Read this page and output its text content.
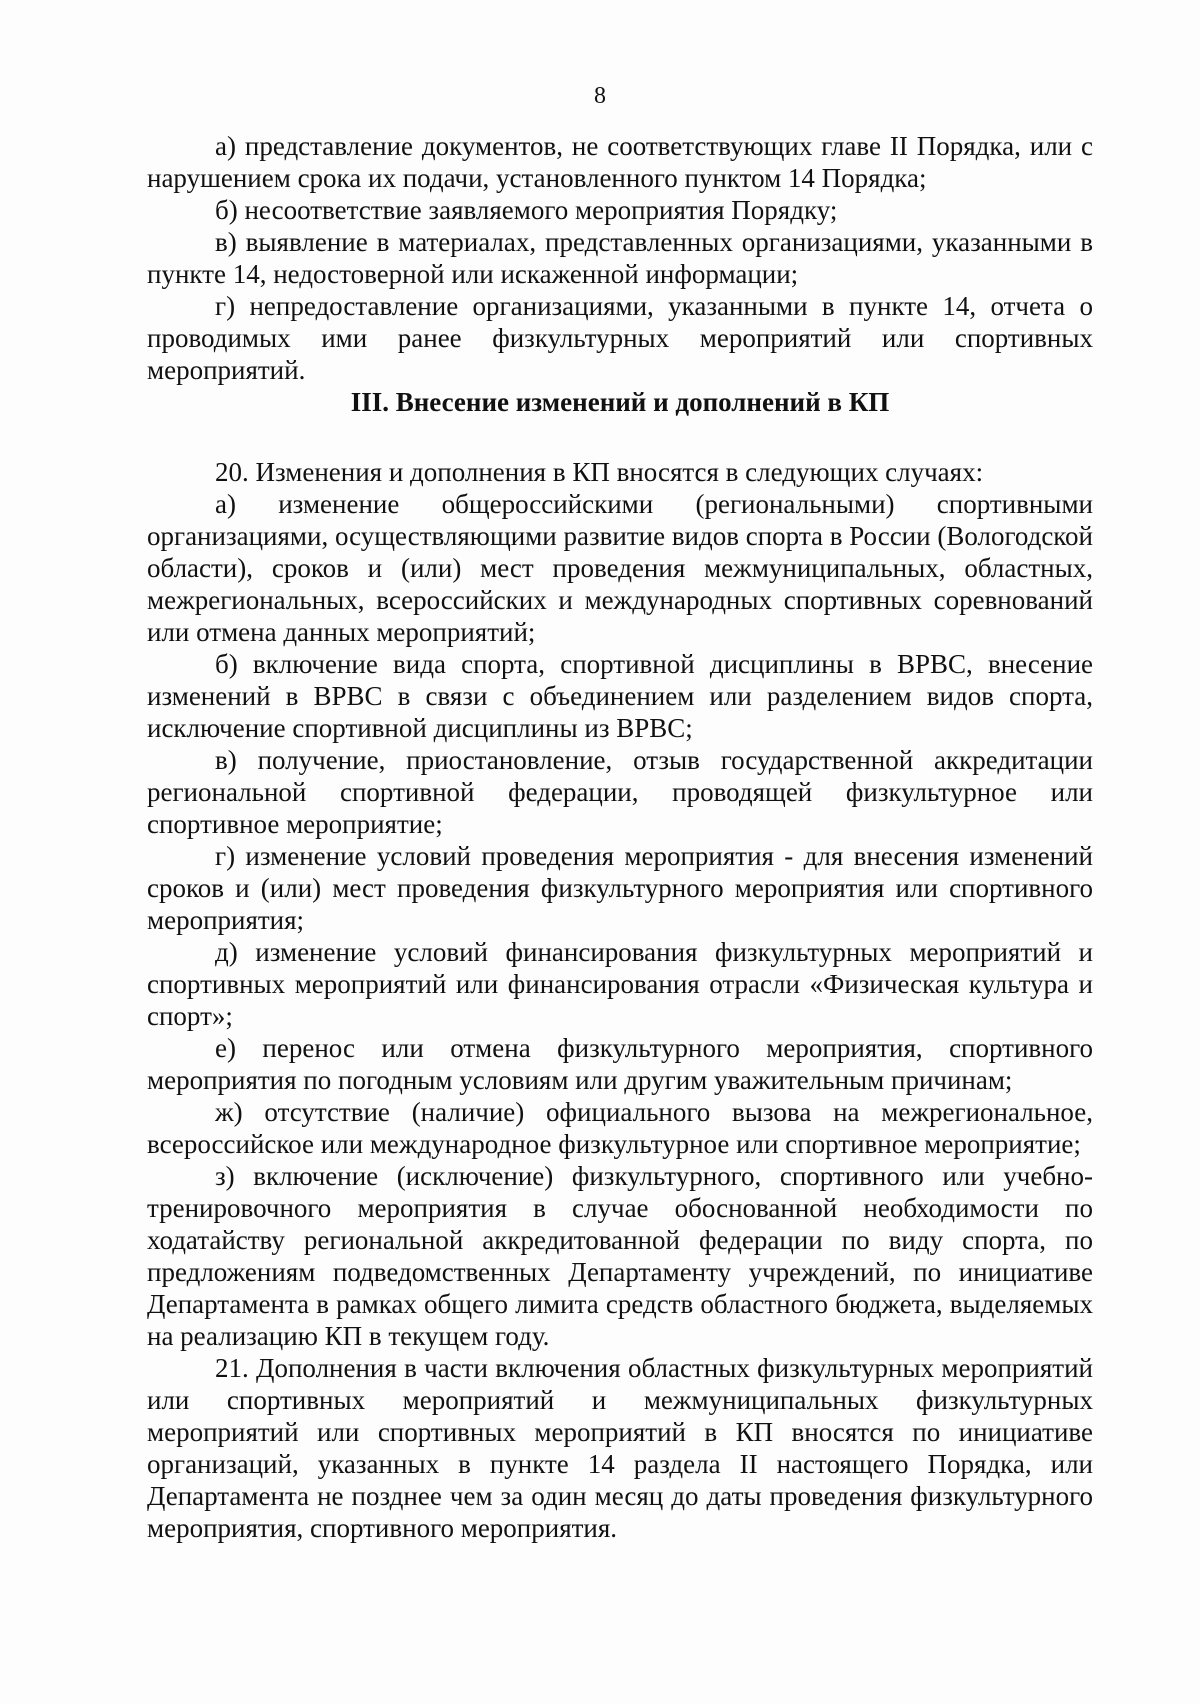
8

а) представление документов, не соответствующих главе II Порядка, или с нарушением срока их подачи, установленного пунктом 14 Порядка;

б) несоответствие заявляемого мероприятия Порядку;

в) выявление в материалах, представленных организациями, указанными в пункте 14, недостоверной или искаженной информации;

г) непредоставление организациями, указанными в пункте 14, отчета о проводимых ими ранее физкультурных мероприятий или спортивных мероприятий.

III. Внесение изменений и дополнений в КП

20. Изменения и дополнения в КП вносятся в следующих случаях:

а) изменение общероссийскими (региональными) спортивными организациями, осуществляющими развитие видов спорта в России (Вологодской области), сроков и (или) мест проведения межмуниципальных, областных, межрегиональных, всероссийских и международных спортивных соревнований или отмена данных мероприятий;

б) включение вида спорта, спортивной дисциплины в ВРВС, внесение изменений в ВРВС в связи с объединением или разделением видов спорта, исключение спортивной дисциплины из ВРВС;

в) получение, приостановление, отзыв государственной аккредитации региональной спортивной федерации, проводящей физкультурное или спортивное мероприятие;

г) изменение условий проведения мероприятия - для внесения изменений сроков и (или) мест проведения физкультурного мероприятия или спортивного мероприятия;

д) изменение условий финансирования физкультурных мероприятий и спортивных мероприятий или финансирования отрасли «Физическая культура и спорт»;

е) перенос или отмена физкультурного мероприятия, спортивного мероприятия по погодным условиям или другим уважительным причинам;

ж) отсутствие (наличие) официального вызова на межрегиональное, всероссийское или международное физкультурное или спортивное мероприятие;

з) включение (исключение) физкультурного, спортивного или учебно-тренировочного мероприятия в случае обоснованной необходимости по ходатайству региональной аккредитованной федерации по виду спорта, по предложениям подведомственных Департаменту учреждений, по инициативе Департамента в рамках общего лимита средств областного бюджета, выделяемых на реализацию КП в текущем году.

21. Дополнения в части включения областных физкультурных мероприятий или спортивных мероприятий и межмуниципальных физкультурных мероприятий или спортивных мероприятий в КП вносятся по инициативе организаций, указанных в пункте 14 раздела II настоящего Порядка, или Департамента не позднее чем за один месяц до даты проведения физкультурного мероприятия, спортивного мероприятия.
